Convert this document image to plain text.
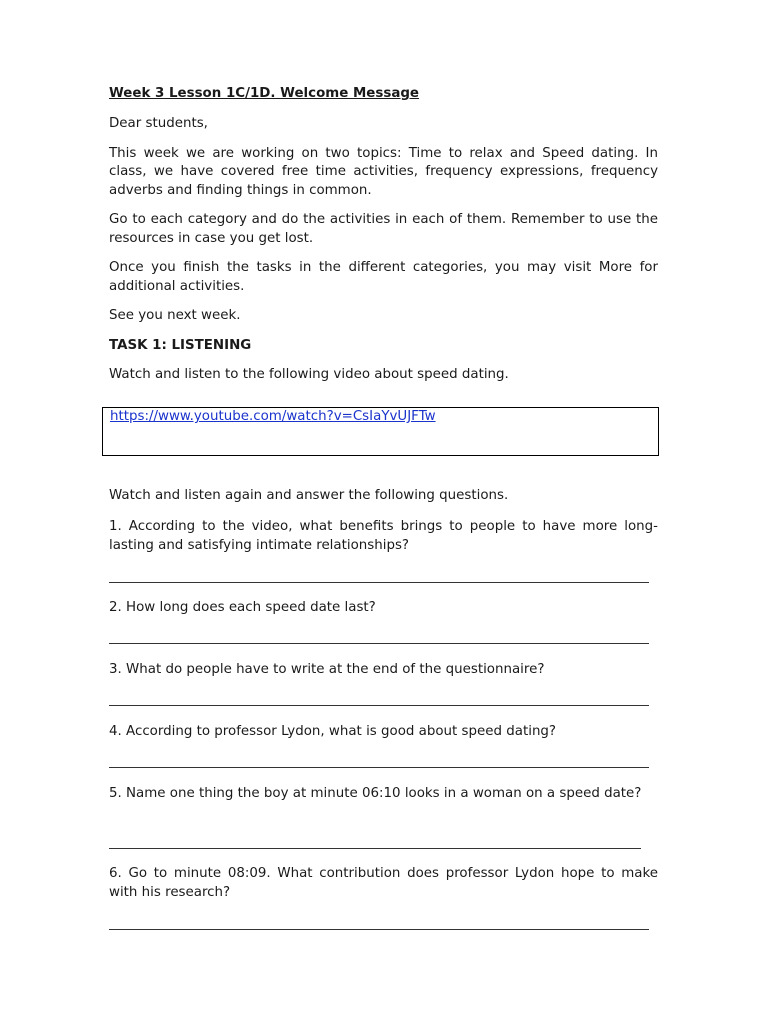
Week 3 Lesson 1C/1D. Welcome Message

Dear students,

This week we are working on two topics: Time to relax and Speed dating. In class, we have covered free time activities, frequency expressions, frequency adverbs and finding things in common.

Go to each category and do the activities in each of them. Remember to use the resources in case you get lost.

Once you finish the tasks in the different categories, you may visit More for additional activities.

See you next week.

TASK 1: LISTENING

Watch and listen to the following video about speed dating.

https://www.youtube.com/watch?v=CsIaYvUJFTw

Watch and listen again and answer the following questions.

1. According to the video, what benefits brings to people to have more long-lasting and satisfying intimate relationships?

2. How long does each speed date last?

3. What do people have to write at the end of the questionnaire?

4. According to professor Lydon, what is good about speed dating?

5. Name one thing the boy at minute 06:10 looks in a woman on a speed date?

6. Go to minute 08:09. What contribution does professor Lydon hope to make with his research?
